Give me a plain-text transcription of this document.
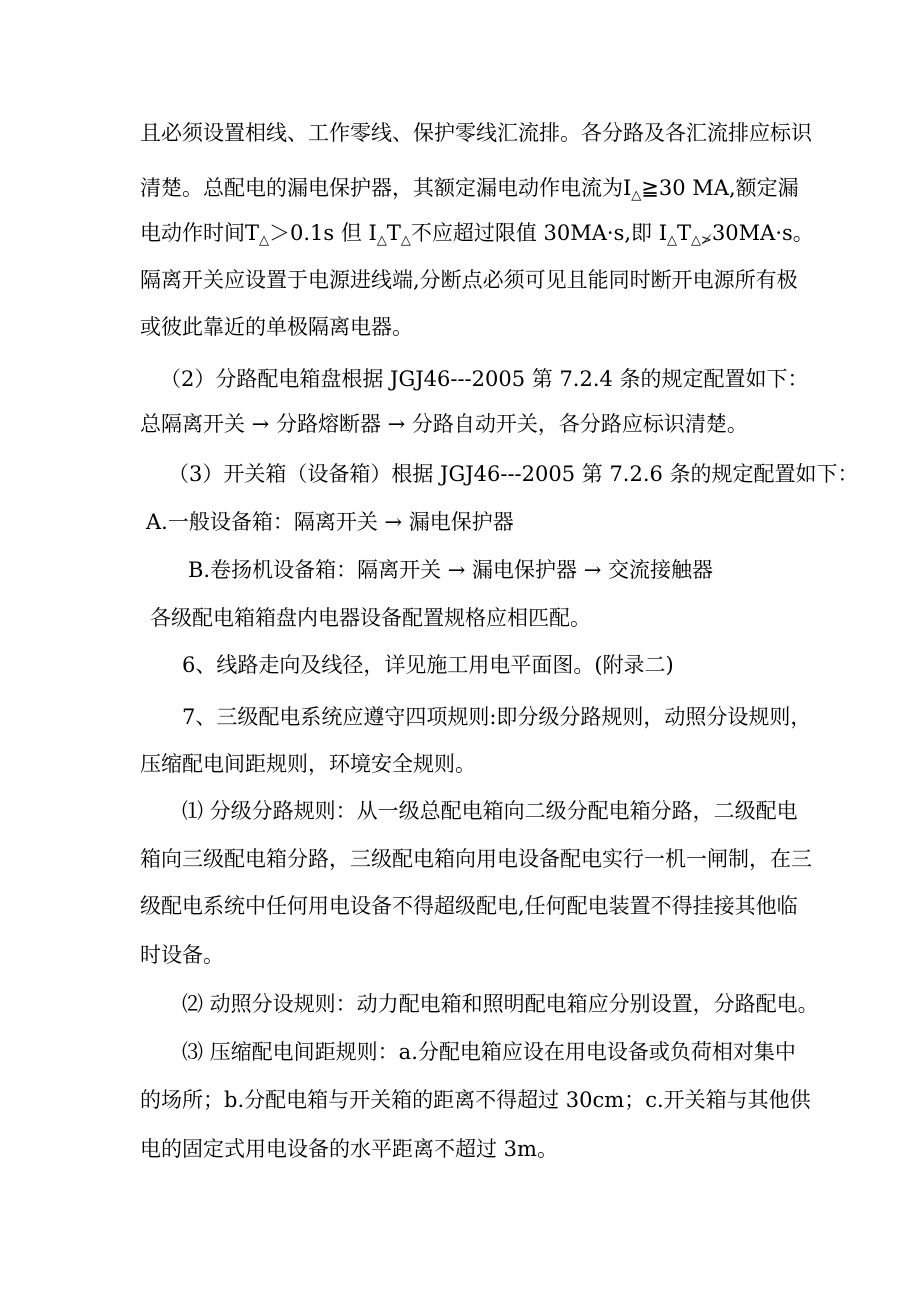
且必须设置相线、工作零线、保护零线汇流排。各分路及各汇流排应标识

清楚。总配电的漏电保护器，其额定漏电动作电流为$I_\triangle≧30$ MA,额定漏

电动作时间$T_\triangle>0.1s$ 但 $I_\triangle T_\triangle$不应超过限值 30MA·s,即 $I_\triangle T_{\triangle≯}30MA\cdot s$。

隔离开关应设置于电源进线端,分断点必须可见且能同时断开电源所有极

或彼此靠近的单极隔离电器。

（2）分路配电箱盘根据 JGJ46---2005 第 7.2.4 条的规定配置如下：

总隔离开关 → 分路熔断器 → 分路自动开关，各分路应标识清楚。

（3）开关箱（设备箱）根据 JGJ46---2005 第 7.2.6 条的规定配置如下：

A.一般设备箱：隔离开关 → 漏电保护器

B.卷扬机设备箱：隔离开关 → 漏电保护器 → 交流接触器

各级配电箱箱盘内电器设备配置规格应相匹配。

6、线路走向及线径，详见施工用电平面图。(附录二)

7、三级配电系统应遵守四项规则:即分级分路规则，动照分设规则，

压缩配电间距规则，环境安全规则。

⑴ 分级分路规则：从一级总配电箱向二级分配电箱分路，二级配电

箱向三级配电箱分路，三级配电箱向用电设备配电实行一机一闸制，在三

级配电系统中任何用电设备不得超级配电,任何配电装置不得挂接其他临

时设备。

⑵ 动照分设规则：动力配电箱和照明配电箱应分别设置，分路配电。

⑶ 压缩配电间距规则：a.分配电箱应设在用电设备或负荷相对集中

的场所；b.分配电箱与开关箱的距离不得超过 30cm；c.开关箱与其他供

电的固定式用电设备的水平距离不超过 3m。
